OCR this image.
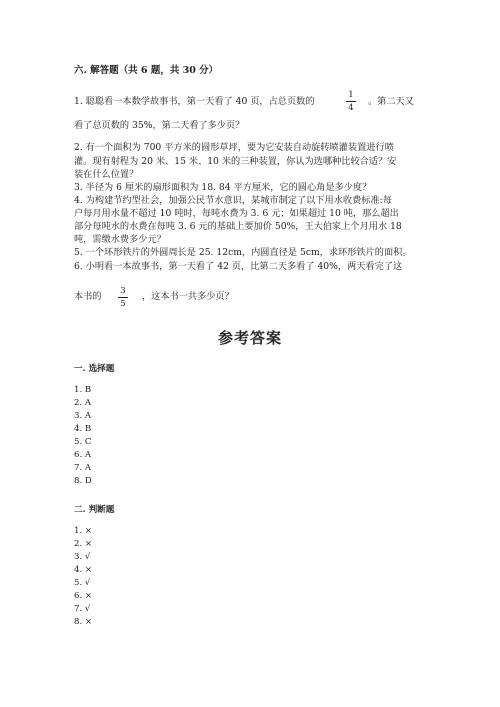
六. 解答题（共 6 题，共 30 分）
1. 聪聪看一本数学故事书，第一天看了 40 页，占总页数的
1
4
。第二天又
看了总页数的 35%，第二天看了多少页？
2. 有一个面积为 700 平方米的圆形草坪，要为它安装自动旋转喷灌装置进行喷
灌。现有射程为 20 米、15 米、10 米的三种装置，你认为选哪种比较合适？安
装在什么位置？
3. 半径为 6 厘米的扇形面积为 18. 84 平方厘米，它的圆心角是多少度？
4. 为构建节约型社会，加强公民节水意识，某城市制定了以下用水收费标准:每
户每月用水量不超过 10 吨时，每吨水费为 3. 6 元；如果超过 10 吨，那么超出
部分每吨水的水费在每吨 3. 6 元的基础上要加价 50%，王大伯家上个月用水 18
吨，需缴水费多少元？
5. 一个环形铁片的外圆周长是 25. 12cm，内圆直径是 5cm，求环形铁片的面积。
6. 小明看一本故事书，第一天看了 42 页，比第二天多看了 40%，两天看完了这
本书的 3
5
，这本书一共多少页？
参考答案
一. 选择题
1. B
2. A
3. A
4. B
5. C
6. A
7. A
8. D
二. 判断题
1. ×
2. ×
3. √
4. ×
5. √
6. ×
7. √
8. ×
